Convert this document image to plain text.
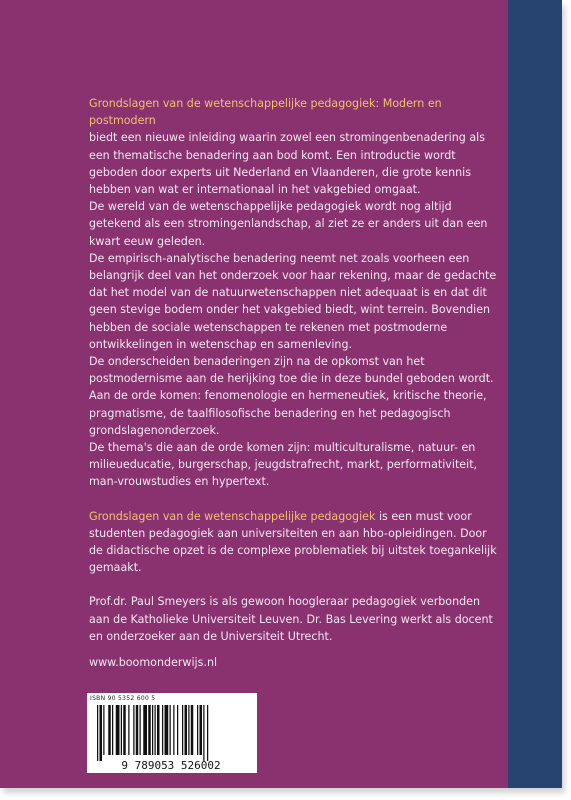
Grondslagen van de wetenschappelijke pedagogiek: Modern en postmodern
biedt een nieuwe inleiding waarin zowel een stromingenbenadering als een thematische benadering aan bod komt. Een introductie wordt geboden door experts uit Nederland en Vlaanderen, die grote kennis hebben van wat er internationaal in het vakgebied omgaat.

De wereld van de wetenschappelijke pedagogiek wordt nog altijd getekend als een stromingenlandschap, al ziet ze er anders uit dan een kwart eeuw geleden.

De empirisch-analytische benadering neemt net zoals voorheen een belangrijk deel van het onderzoek voor haar rekening, maar de gedachte dat het model van de natuurwetenschappen niet adequaat is en dat dit geen stevige bodem onder het vakgebied biedt, wint terrein. Bovendien hebben de sociale wetenschappen te rekenen met postmoderne ontwikkelingen in wetenschap en samenleving.

De onderscheiden benaderingen zijn na de opkomst van het postmodernisme aan de herijking toe die in deze bundel geboden wordt. Aan de orde komen: fenomenologie en hermeneutiek, kritische theorie, pragmatisme, de taalfilosofische benadering en het pedagogisch grondslagenonderzoek.

De thema's die aan de orde komen zijn: multiculturalisme, natuur- en milieueducatie, burgerschap, jeugdstrafrecht, markt, performativiteit, man-vrouwstudies en hypertext.

Grondslagen van de wetenschappelijke pedagogiek is een must voor studenten pedagogiek aan universiteiten en aan hbo-opleidingen. Door de didactische opzet is de complexe problematiek bij uitstek toegankelijk gemaakt.

Prof.dr. Paul Smeyers is als gewoon hoogleraar pedagogiek verbonden aan de Katholieke Universiteit Leuven. Dr. Bas Levering werkt als docent en onderzoeker aan de Universiteit Utrecht.

www.boomonderwijs.nl
ISBN 90 5352 600 5
9 789053 526002
